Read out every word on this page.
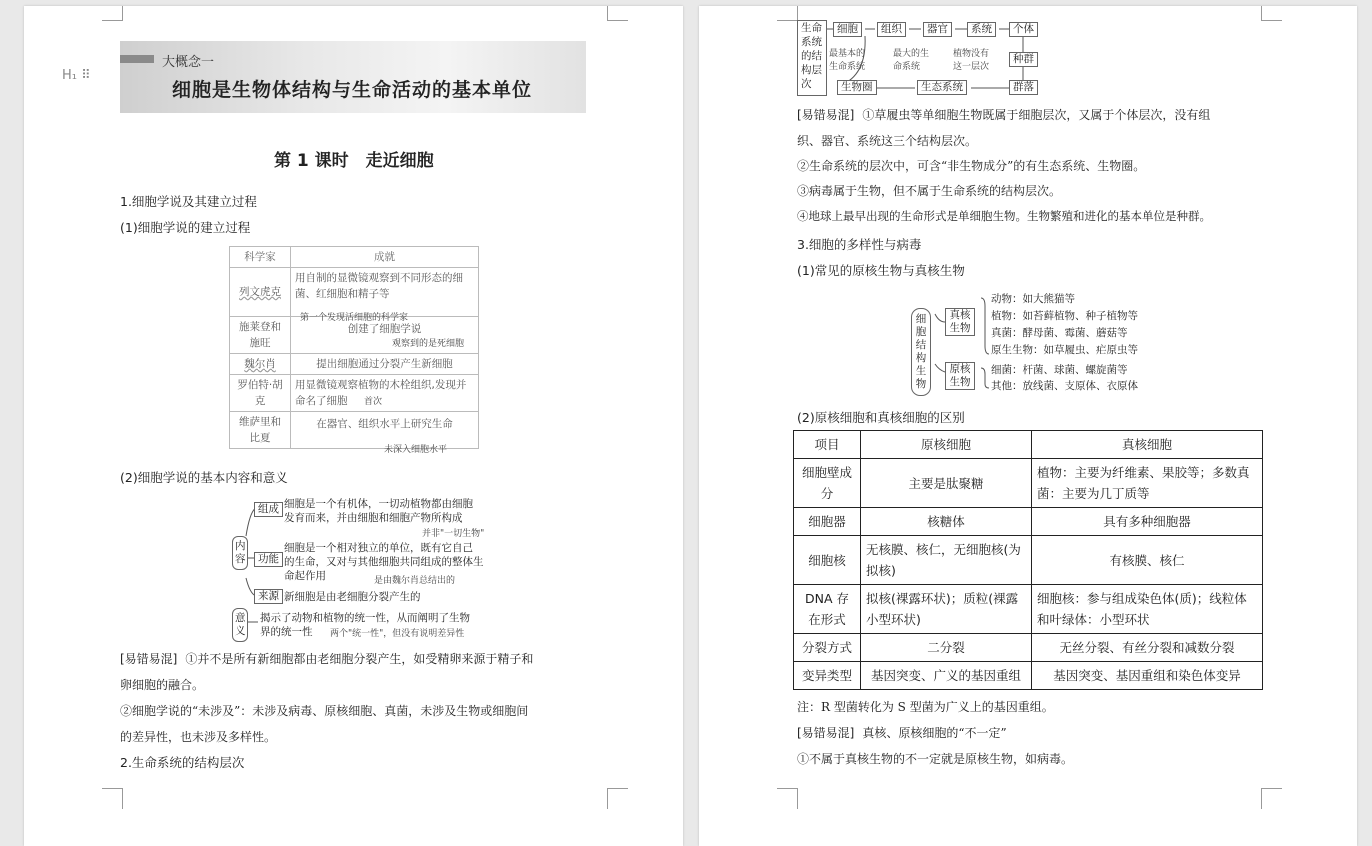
H₁ ⠿
大概念一
细胞是生物体结构与生命活动的基本单位
第 1 课时　走近细胞
1.细胞学说及其建立过程
(1)细胞学说的建立过程
科学家	成就
列文虎克	用自制的显微镜观察到不同形态的细菌、红细胞和精子等
施莱登和施旺	创建了细胞学说
魏尔肖	提出细胞通过分裂产生新细胞
罗伯特·胡克	用显微镜观察植物的木栓组织,发现并命名了细胞
维萨里和比夏	在器官、组织水平上研究生命
第一个发现活细胞的科学家
观察到的是死细胞
首次
未深入细胞水平
(2)细胞学说的基本内容和意义
内容
意义
组成
功能
来源
细胞是一个有机体，一切动植物都由细胞
发育而来，并由细胞和细胞产物所构成
并非"一切生物"
细胞是一个相对独立的单位，既有它自己
的生命，又对与其他细胞共同组成的整体生
命起作用	是由魏尔肖总结出的
新细胞是由老细胞分裂产生的
揭示了动物和植物的统一性，从而阐明了生物
界的统一性 两个"统一性"，但没有说明差异性
[易错易混] ①并不是所有新细胞都由老细胞分裂产生，如受精卵来源于精子和
卵细胞的融合。
②细胞学说的“未涉及”：未涉及病毒、原核细胞、真菌，未涉及生物或细胞间
的差异性，也未涉及多样性。
2.生命系统的结构层次
生命系统的结构层次
细胞	组织	器官	系统	个体
种群
群落
生态系统
生物圈
最基本的生命系统
最大的生命系统
植物没有这一层次
[易错易混] ①草履虫等单细胞生物既属于细胞层次，又属于个体层次，没有组
织、器官、系统这三个结构层次。
②生命系统的层次中，可含“非生物成分”的有生态系统、生物圈。
③病毒属于生物，但不属于生命系统的结构层次。
④地球上最早出现的生命形式是单细胞生物。生物繁殖和进化的基本单位是种群。
3.细胞的多样性与病毒
(1)常见的原核生物与真核生物
细胞结构生物
真核生物
原核生物
动物：如大熊猫等
植物：如苔藓植物、种子植物等
真菌：酵母菌、霉菌、蘑菇等
原生生物：如草履虫、疟原虫等
细菌：杆菌、球菌、螺旋菌等
其他：放线菌、支原体、衣原体
(2)原核细胞和真核细胞的区别
项目	原核细胞	真核细胞
细胞壁成分	主要是肽聚糖	植物：主要为纤维素、果胶等；多数真菌：主要为几丁质等
细胞器	核糖体	具有多种细胞器
细胞核	无核膜、核仁，无细胞核(为拟核)	有核膜、核仁
DNA 存在形式	拟核(裸露环状)；质粒(裸露小型环状)	细胞核：参与组成染色体(质)；线粒体和叶绿体：小型环状
分裂方式	二分裂	无丝分裂、有丝分裂和减数分裂
变异类型	基因突变、广义的基因重组	基因突变、基因重组和染色体变异
注：R 型菌转化为 S 型菌为广义上的基因重组。
[易错易混] 真核、原核细胞的“不一定”
①不属于真核生物的不一定就是原核生物，如病毒。
